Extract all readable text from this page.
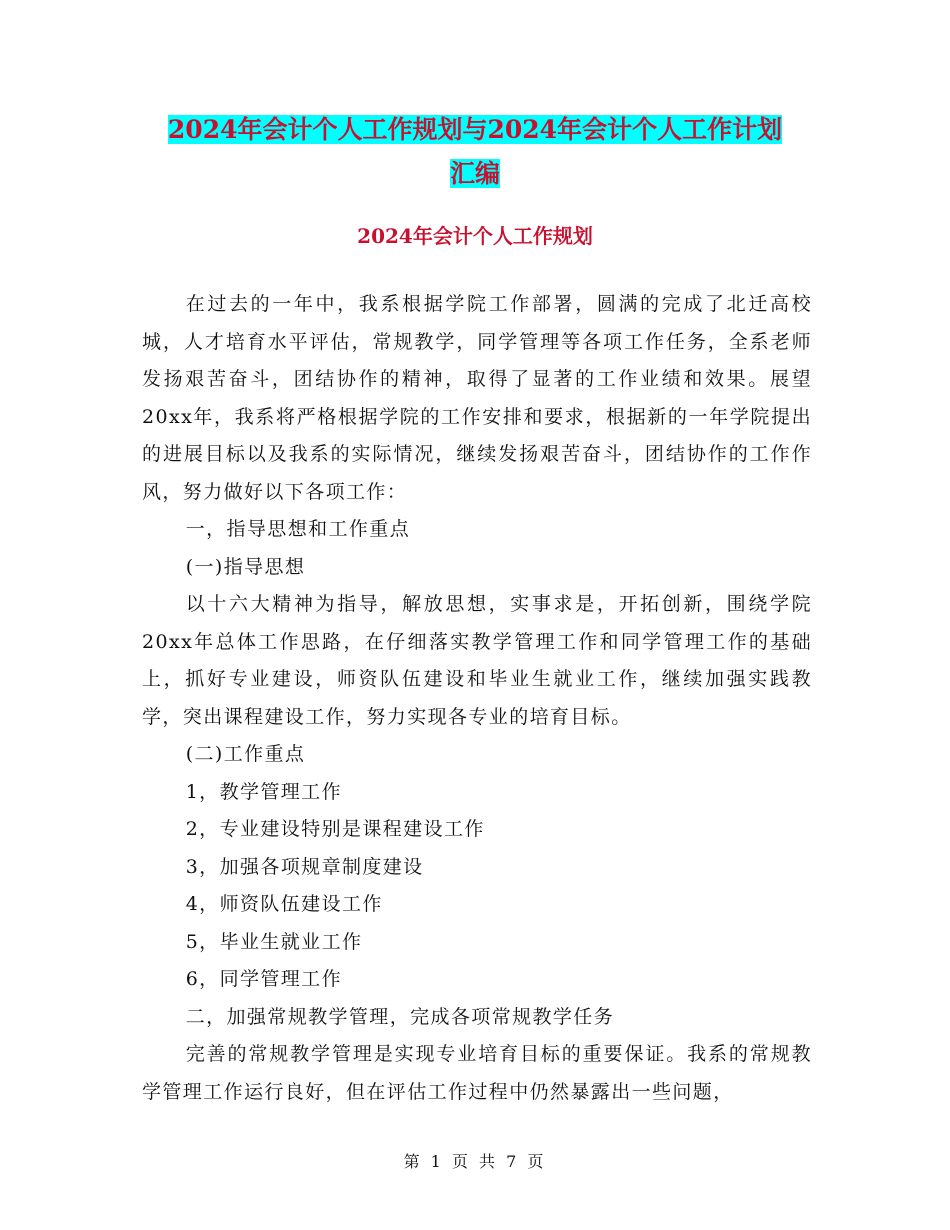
2024年会计个人工作规划与2024年会计个人工作计划
汇编
2024年会计个人工作规划

在过去的一年中，我系根据学院工作部署，圆满的完成了北迁高校城，人才培育水平评估，常规教学，同学管理等各项工作任务，全系老师发扬艰苦奋斗，团结协作的精神，取得了显著的工作业绩和效果。展望20xx年，我系将严格根据学院的工作安排和要求，根据新的一年学院提出的进展目标以及我系的实际情况，继续发扬艰苦奋斗，团结协作的工作作风，努力做好以下各项工作：

一，指导思想和工作重点

(一)指导思想

以十六大精神为指导，解放思想，实事求是，开拓创新，围绕学院20xx年总体工作思路，在仔细落实教学管理工作和同学管理工作的基础上，抓好专业建设，师资队伍建设和毕业生就业工作，继续加强实践教学，突出课程建设工作，努力实现各专业的培育目标。

(二)工作重点

1，教学管理工作

2，专业建设特别是课程建设工作

3，加强各项规章制度建设

4，师资队伍建设工作

5，毕业生就业工作

6，同学管理工作

二，加强常规教学管理，完成各项常规教学任务

完善的常规教学管理是实现专业培育目标的重要保证。我系的常规教学管理工作运行良好，但在评估工作过程中仍然暴露出一些问题，

第 1 页 共 7 页
